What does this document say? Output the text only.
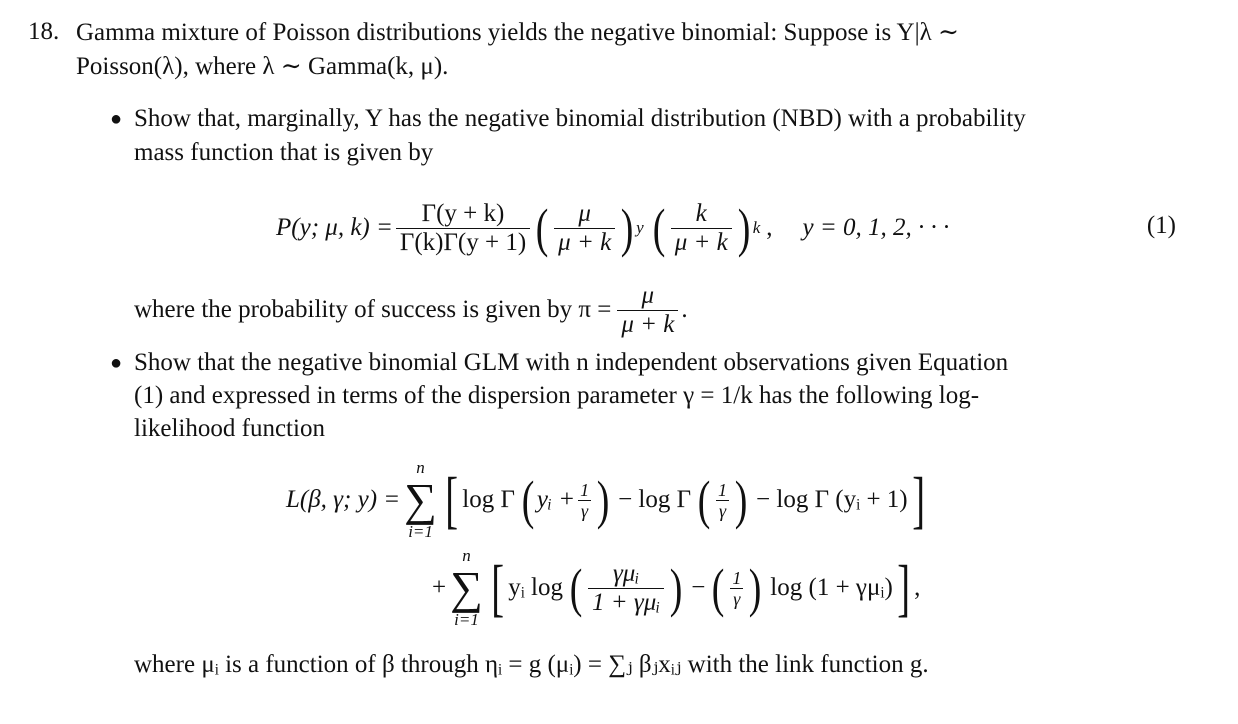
18. Gamma mixture of Poisson distributions yields the negative binomial: Suppose is Y|λ ∼
Poisson(λ), where λ ∼ Gamma(k, μ).
● Show that, marginally, Y has the negative binomial distribution (NBD) with a probability
mass function that is given by
P(y; μ, $k) = \frac{\Gamma(y + k)}{\Gamma(k)\Gamma(y + 1)}$ ( $\frac{\mu}{\mu + k}$ ) y ( $\frac{k}{\mu + k}$ ) k , y = 0, 1, 2, · · ·	(1)
where the probability of success is given by $\pi = \frac{\mu}{\mu + k}$ .
● Show that the negative binomial GLM with n independent observations given Equation
(1) and expressed in terms of the dispersion parameter γ = 1/k has the following log-
likelihood function
L(β, γ; y) =
n
∑
i=1 [ log Γ ( yᵢ + $\frac{1}{\gamma}$ ) − log Γ ( $\frac{1}{\gamma}$ ) − log Γ (yᵢ + 1) ]
+
n
∑
i=1 [ yᵢ log ( $\frac{\text{γμᵢ}}{\text{1 + γμᵢ}}$ ) − ( $\frac{1}{\gamma}$ ) log (1 + γμᵢ) ] ,
where μᵢ is a function of β through ηᵢ = g (μᵢ) = ∑ⱼ βⱼxᵢⱼ with the link function g.
